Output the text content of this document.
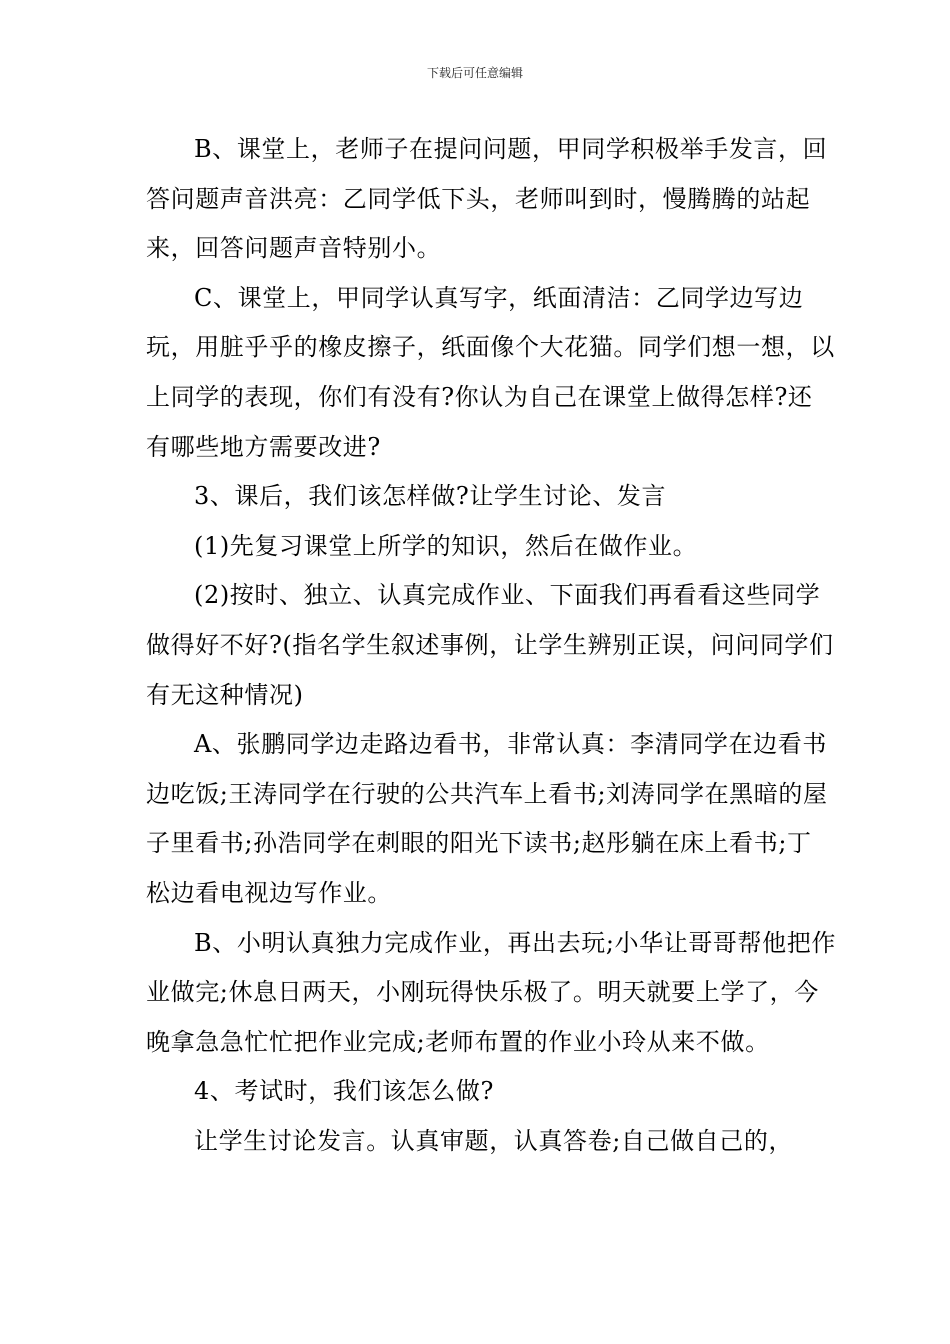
下载后可任意编辑

B、课堂上，老师子在提问问题，甲同学积极举手发言，回答问题声音洪亮：乙同学低下头，老师叫到时，慢腾腾的站起来，回答问题声音特别小。

C、课堂上，甲同学认真写字，纸面清洁：乙同学边写边玩，用脏乎乎的橡皮擦子，纸面像个大花猫。同学们想一想，以上同学的表现，你们有没有?你认为自己在课堂上做得怎样?还有哪些地方需要改进?

3、课后，我们该怎样做?让学生讨论、发言

(1)先复习课堂上所学的知识，然后在做作业。

(2)按时、独立、认真完成作业、下面我们再看看这些同学做得好不好?(指名学生叙述事例，让学生辨别正误，问问同学们有无这种情况)

A、张鹏同学边走路边看书，非常认真：李清同学在边看书边吃饭;王涛同学在行驶的公共汽车上看书;刘涛同学在黑暗的屋子里看书;孙浩同学在刺眼的阳光下读书;赵彤躺在床上看书;丁松边看电视边写作业。

B、小明认真独力完成作业，再出去玩;小华让哥哥帮他把作业做完;休息日两天，小刚玩得快乐极了。明天就要上学了，今晚拿急急忙忙把作业完成;老师布置的作业小玲从来不做。

4、考试时，我们该怎么做?

让学生讨论发言。认真审题，认真答卷;自己做自己的，
